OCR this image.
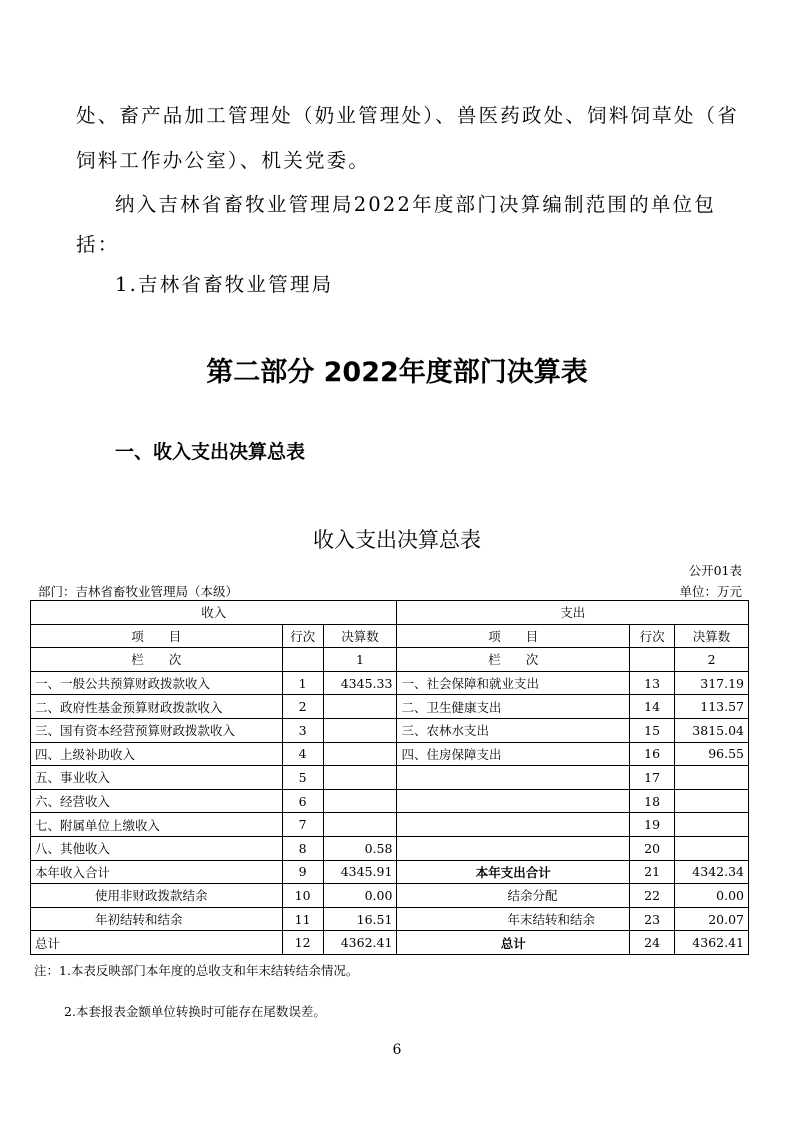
处、畜产品加工管理处（奶业管理处）、兽医药政处、饲料饲草处（省
饲料工作办公室）、机关党委。
纳入吉林省畜牧业管理局2022年度部门决算编制范围的单位包
括：
1.吉林省畜牧业管理局
第二部分 2022年度部门决算表
一、收入支出决算总表
收入支出决算总表
公开01表
部门：吉林省畜牧业管理局（本级）	单位：万元
收入			支出		
项　　目	行次	决算数	项　　目	行次	决算数
栏　　次		1	栏　　次		2
一、一般公共预算财政拨款收入	1	4345.33	一、社会保障和就业支出	13	317.19
二、政府性基金预算财政拨款收入	2		二、卫生健康支出	14	113.57
三、国有资本经营预算财政拨款收入	3		三、农林水支出	15	3815.04
四、上级补助收入	4		四、住房保障支出	16	96.55
五、事业收入	5			17	
六、经营收入	6			18	
七、附属单位上缴收入	7			19	
八、其他收入	8	0.58		20	
本年收入合计	9	4345.91	本年支出合计	21	4342.34
使用非财政拨款结余	10	0.00	结余分配	22	0.00
年初结转和结余	11	16.51	年末结转和结余	23	20.07
总计	12	4362.41	总计	24	4362.41
注：1.本表反映部门本年度的总收支和年末结转结余情况。
2.本套报表金额单位转换时可能存在尾数误差。
6
